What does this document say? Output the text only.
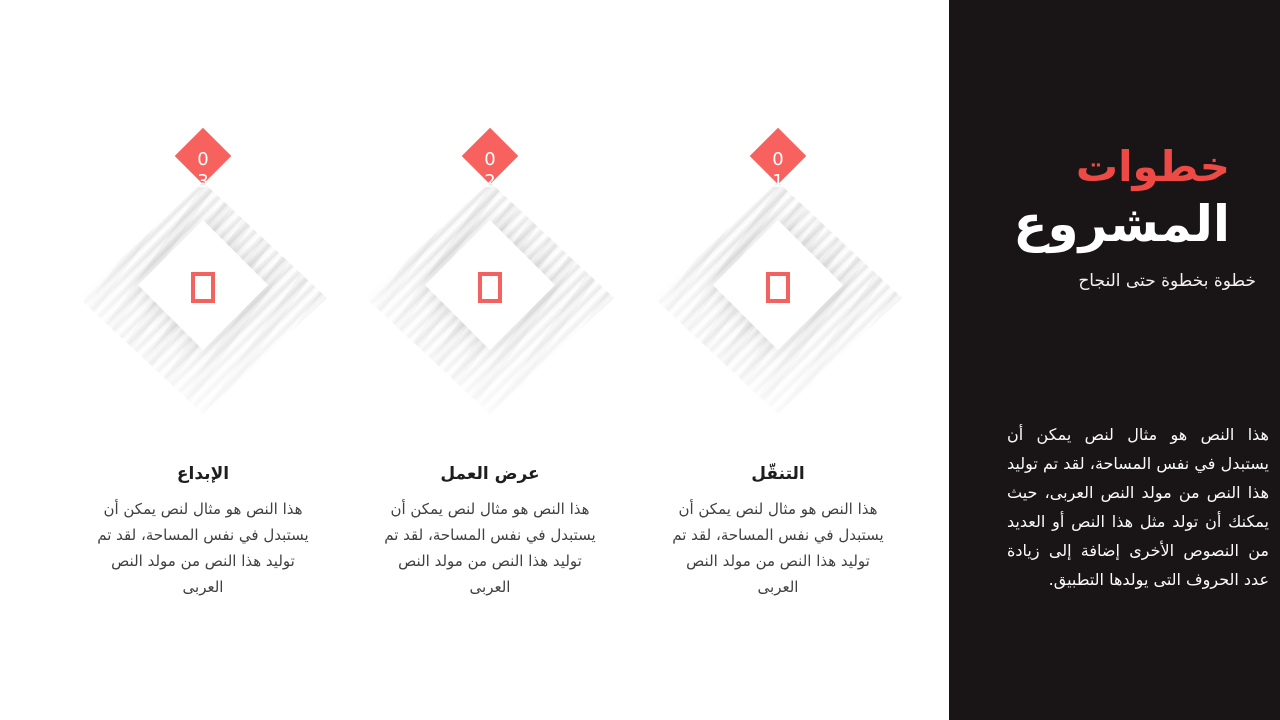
01
التنقّل
هذا النص هو مثال لنص يمكن أن يستبدل في نفس المساحة، لقد تم توليد هذا النص من مولد النص العربى
02
عرض العمل
هذا النص هو مثال لنص يمكن أن يستبدل في نفس المساحة، لقد تم توليد هذا النص من مولد النص العربى
03
الإبداع
هذا النص هو مثال لنص يمكن أن يستبدل في نفس المساحة، لقد تم توليد هذا النص من مولد النص العربى
خطوات
المشروع
خطوة بخطوة حتى النجاح
هذا النص هو مثال لنص يمكن أن يستبدل في نفس المساحة، لقد تم توليد هذا النص من مولد النص العربى، حيث يمكنك أن تولد مثل هذا النص أو العديد من النصوص الأخرى إضافة إلى زيادة عدد الحروف التى يولدها التطبيق.
